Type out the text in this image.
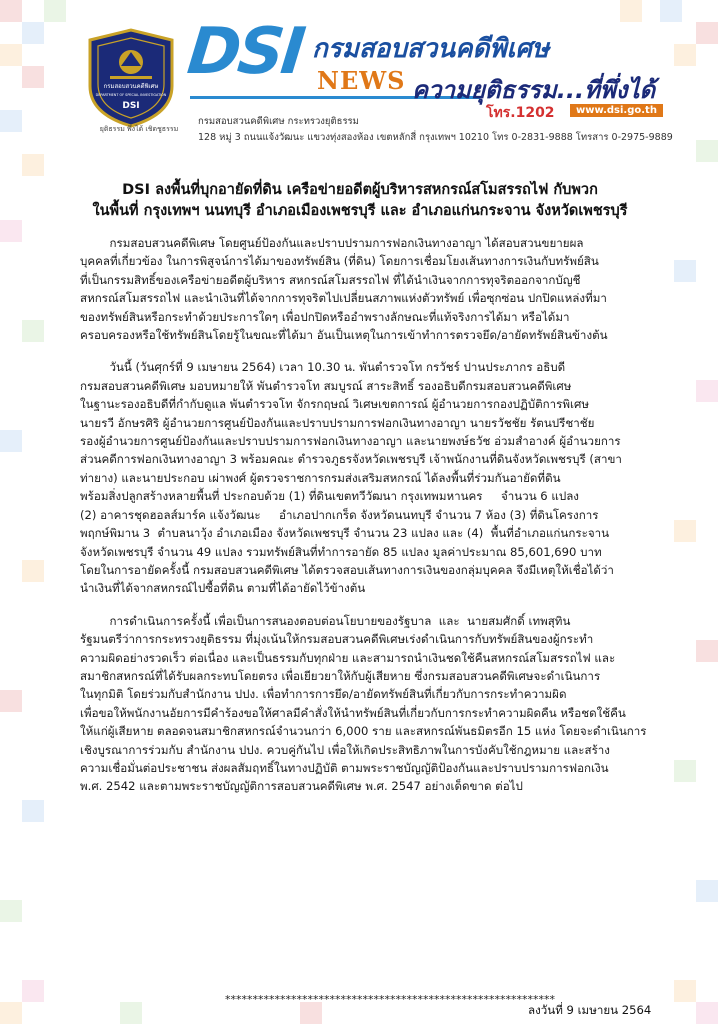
กรมสอบสวนคดีพิเศษ
DEPARTMENT OF SPECIAL INVESTIGATION
DSI
ยุติธรรม พึ่งได้ เชิดชูธรรม
DSI กรมสอบสวนคดีพิเศษ
NEWS ความยุติธรรม...ที่พึ่งได้
โทร.1202	www.dsi.go.th
กรมสอบสวนคดีพิเศษ กระทรวงยุติธรรม
128 หมู่ 3 ถนนแจ้งวัฒนะ แขวงทุ่งสองห้อง เขตหลักสี่ กรุงเทพฯ 10210 โทร 0-2831-9888 โทรสาร 0-2975-9889
DSI ลงพื้นที่บุกอายัดที่ดิน เครือข่ายอดีตผู้บริหารสหกรณ์สโมสรรถไฟ กับพวก
ในพื้นที่ กรุงเทพฯ นนทบุรี อำเภอเมืองเพชรบุรี และ อำเภอแก่นกระจาน จังหวัดเพชรบุรี
กรมสอบสวนคดีพิเศษ โดยศูนย์ป้องกันและปราบปรามการฟอกเงินทางอาญา ได้สอบสวนขยายผล
บุคคลที่เกี่ยวข้อง ในการพิสูจน์การได้มาของทรัพย์สิน (ที่ดิน) โดยการเชื่อมโยงเส้นทางการเงินกับทรัพย์สิน
ที่เป็นกรรมสิทธิ์ของเครือข่ายอดีตผู้บริหาร สหกรณ์สโมสรรถไฟ ที่ได้นำเงินจากการทุจริตออกจากบัญชี
สหกรณ์สโมสรรถไฟ และนำเงินที่ได้จากการทุจริตไปเปลี่ยนสภาพแห่งตัวทรัพย์ เพื่อซุกซ่อน ปกปิดแหล่งที่มา
ของทรัพย์สินหรือกระทำด้วยประการใดๆ เพื่อปกปิดหรืออำพรางลักษณะที่แท้จริงการได้มา หรือได้มา
ครอบครองหรือใช้ทรัพย์สินโดยรู้ในขณะที่ได้มา อันเป็นเหตุในการเข้าทำการตรวจยึด/อายัดทรัพย์สินข้างต้น
วันนี้ (วันศุกร์ที่ 9 เมษายน 2564) เวลา 10.30 น. พันตำรวจโท กรวัชร์ ปานประภากร อธิบดี
กรมสอบสวนคดีพิเศษ มอบหมายให้ พันตำรวจโท สมบูรณ์ สาระสิทธิ์ รองอธิบดีกรมสอบสวนคดีพิเศษ
ในฐานะรองอธิบดีที่กำกับดูแล พันตำรวจโท จักรกฤษณ์ วิเศษเขตการณ์ ผู้อำนวยการกองปฏิบัติการพิเศษ
นายรวี อักษรศิริ ผู้อำนวยการศูนย์ป้องกันและปราบปรามการฟอกเงินทางอาญา นายรวัชชัย รัตนปรีชาชัย
รองผู้อำนวยการศูนย์ป้องกันและปราบปรามการฟอกเงินทางอาญา และนายพงษ์ธวัช อ่วมสำอางค์ ผู้อำนวยการ
ส่วนคดีการฟอกเงินทางอาญา 3 พร้อมคณะ ตำรวจภูธรจังหวัดเพชรบุรี เจ้าพนักงานที่ดินจังหวัดเพชรบุรี (สาขา
ท่ายาง) และนายประกอบ เผ่าพงศ์ ผู้ตรวจราชการกรมส่งเสริมสหกรณ์ ได้ลงพื้นที่ร่วมกันอายัดที่ดิน
พร้อมสิ่งปลูกสร้างหลายพื้นที่ ประกอบด้วย (1) ที่ดินเขตทวีวัฒนา กรุงเทพมหานคร     จำนวน 6 แปลง
(2) อาคารชุดฮอลส์มาร์ค แจ้งวัฒนะ     อำเภอปากเกร็ด จังหวัดนนทบุรี จำนวน 7 ห้อง (3) ที่ดินโครงการ
พฤกษ์พิมาน 3  ตำบลนาวุ้ง อำเภอเมือง จังหวัดเพชรบุรี จำนวน 23 แปลง และ (4)  พื้นที่อำเภอแก่นกระจาน
จังหวัดเพชรบุรี จำนวน 49 แปลง รวมทรัพย์สินที่ทำการอายัด 85 แปลง มูลค่าประมาณ 85,601,690 บาท
โดยในการอายัดครั้งนี้ กรมสอบสวนคดีพิเศษ ได้ตรวจสอบเส้นทางการเงินของกลุ่มบุคคล จึงมีเหตุให้เชื่อได้ว่า
นำเงินที่ได้จากสหกรณ์ไปซื้อที่ดิน ตามที่ได้อายัดไว้ข้างต้น
การดำเนินการครั้งนี้ เพื่อเป็นการสนองตอบต่อนโยบายของรัฐบาล  และ  นายสมศักดิ์ เทพสุทิน
รัฐมนตรีว่าการกระทรวงยุติธรรม ที่มุ่งเน้นให้กรมสอบสวนคดีพิเศษเร่งดำเนินการกับทรัพย์สินของผู้กระทำ
ความผิดอย่างรวดเร็ว ต่อเนื่อง และเป็นธรรมกับทุกฝ่าย และสามารถนำเงินชดใช้คืนสหกรณ์สโมสรรถไฟ และ
สมาชิกสหกรณ์ที่ได้รับผลกระทบโดยตรง เพื่อเยียวยาให้กับผู้เสียหาย ซึ่งกรมสอบสวนคดีพิเศษจะดำเนินการ
ในทุกมิติ โดยร่วมกับสำนักงาน ปปง. เพื่อทำการการยึด/อายัดทรัพย์สินที่เกี่ยวกับการกระทำความผิด
เพื่อขอให้พนักงานอัยการมีคำร้องขอให้ศาลมีคำสั่งให้นำทรัพย์สินที่เกี่ยวกับการกระทำความผิดคืน หรือชดใช้คืน
ให้แก่ผู้เสียหาย ตลอดจนสมาชิกสหกรณ์จำนวนกว่า 6,000 ราย และสหกรณ์พันธมิตรอีก 15 แห่ง โดยจะดำเนินการ
เชิงบูรณาการร่วมกับ สำนักงาน ปปง. ควบคู่กันไป เพื่อให้เกิดประสิทธิภาพในการบังคับใช้กฎหมาย และสร้าง
ความเชื่อมั่นต่อประชาชน ส่งผลสัมฤทธิ์ในทางปฏิบัติ ตามพระราชบัญญัติป้องกันและปราบปรามการฟอกเงิน
พ.ศ. 2542 และตามพระราชบัญญัติการสอบสวนคดีพิเศษ พ.ศ. 2547 อย่างเด็ดขาด ต่อไป
************************************************************
ลงวันที่ 9 เมษายน 2564
